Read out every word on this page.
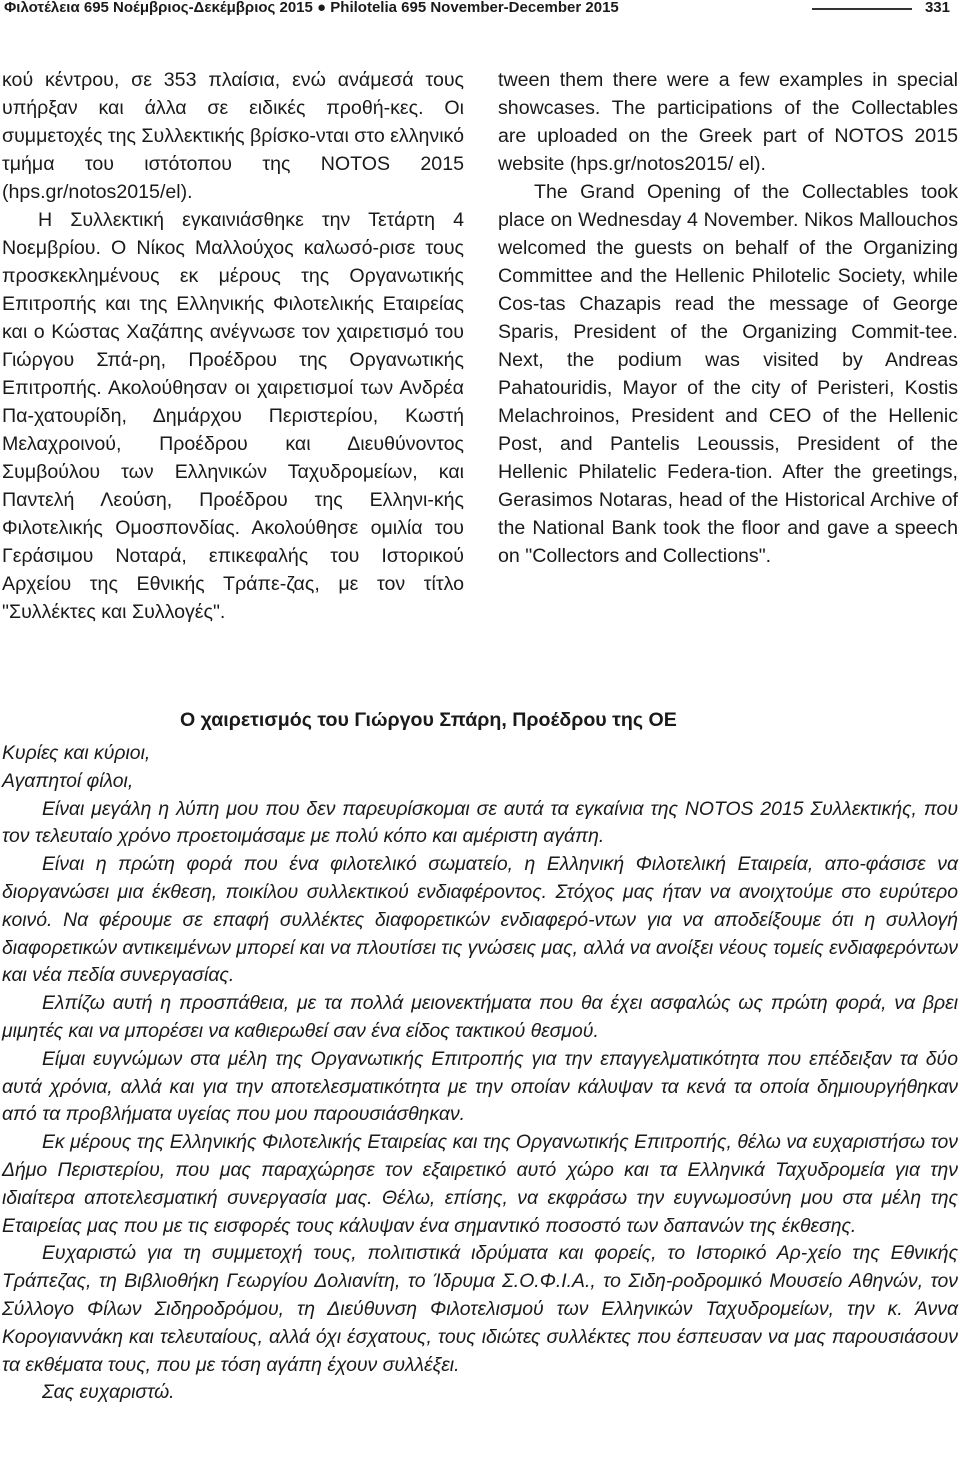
Φιλοτέλεια 695 Νοέμβριος-Δεκέμβριος 2015 ● Philotelia 695 November-December 2015	331

κού κέντρου, σε 353 πλαίσια, ενώ ανάμεσά τους υπήρξαν και άλλα σε ειδικές προθή-κες. Οι συμμετοχές της Συλλεκτικής βρίσκο-νται στο ελληνικό τμήμα του ιστότοπου της NOTOS 2015 (hps.gr/notos2015/el).

Η Συλλεκτική εγκαινιάσθηκε την Τετάρτη 4 Νοεμβρίου. Ο Νίκος Μαλλούχος καλωσό-ρισε τους προσκεκλημένους εκ μέρους της Οργανωτικής Επιτροπής και της Ελληνικής Φιλοτελικής Εταιρείας και ο Κώστας Χαζάπης ανέγνωσε τον χαιρετισμό του Γιώργου Σπά-ρη, Προέδρου της Οργανωτικής Επιτροπής. Ακολούθησαν οι χαιρετισμοί των Ανδρέα Πα-χατουρίδη, Δημάρχου Περιστερίου, Κωστή Μελαχροινού, Προέδρου και Διευθύνοντος Συμβούλου των Ελληνικών Ταχυδρομείων, και Παντελή Λεούση, Προέδρου της Ελληνι-κής Φιλοτελικής Ομοσπονδίας. Ακολούθησε ομιλία του Γεράσιμου Νοταρά, επικεφαλής του Ιστορικού Αρχείου της Εθνικής Τράπε-ζας, με τον τίτλο "Συλλέκτες και Συλλογές".

tween them there were a few examples in special showcases. The participations of the Collectables are uploaded on the Greek part of NOTOS 2015 website (hps.gr/notos2015/ el).

The Grand Opening of the Collectables took place on Wednesday 4 November. Nikos Mallouchos welcomed the guests on behalf of the Organizing Committee and the Hellenic Philotelic Society, while Cos-tas Chazapis read the message of George Sparis, President of the Organizing Commit-tee. Next, the podium was visited by Andreas Pahatouridis, Mayor of the city of Peristeri, Kostis Melachroinos, President and CEO of the Hellenic Post, and Pantelis Leoussis, President of the Hellenic Philatelic Federa-tion. After the greetings, Gerasimos Notaras, head of the Historical Archive of the National Bank took the floor and gave a speech on "Collectors and Collections".

Ο χαιρετισμός του Γιώργου Σπάρη, Προέδρου της ΟΕ

Κυρίες και κύριοι,

Αγαπητοί φίλοι,

Είναι μεγάλη η λύπη μου που δεν παρευρίσκομαι σε αυτά τα εγκαίνια της NOTOS 2015 Συλλεκτικής, που τον τελευταίο χρόνο προετοιμάσαμε με πολύ κόπο και αμέριστη αγάπη.

Είναι η πρώτη φορά που ένα φιλοτελικό σωματείο, η Ελληνική Φιλοτελική Εταιρεία, απο-φάσισε να διοργανώσει μια έκθεση, ποικίλου συλλεκτικού ενδιαφέροντος. Στόχος μας ήταν να ανοιχτούμε στο ευρύτερο κοινό. Να φέρουμε σε επαφή συλλέκτες διαφορετικών ενδιαφερό-ντων για να αποδείξουμε ότι η συλλογή διαφορετικών αντικειμένων μπορεί και να πλουτίσει τις γνώσεις μας, αλλά να ανοίξει νέους τομείς ενδιαφερόντων και νέα πεδία συνεργασίας.

Ελπίζω αυτή η προσπάθεια, με τα πολλά μειονεκτήματα που θα έχει ασφαλώς ως πρώτη φορά, να βρει μιμητές και να μπορέσει να καθιερωθεί σαν ένα είδος τακτικού θεσμού.

Είμαι ευγνώμων στα μέλη της Οργανωτικής Επιτροπής για την επαγγελματικότητα που επέδειξαν τα δύο αυτά χρόνια, αλλά και για την αποτελεσματικότητα με την οποίαν κάλυψαν τα κενά τα οποία δημιουργήθηκαν από τα προβλήματα υγείας που μου παρουσιάσθηκαν.

Εκ μέρους της Ελληνικής Φιλοτελικής Εταιρείας και της Οργανωτικής Επιτροπής, θέλω να ευχαριστήσω τον Δήμο Περιστερίου, που μας παραχώρησε τον εξαιρετικό αυτό χώρο και τα Ελληνικά Ταχυδρομεία για την ιδιαίτερα αποτελεσματική συνεργασία μας. Θέλω, επίσης, να εκφράσω την ευγνωμοσύνη μου στα μέλη της Εταιρείας μας που με τις εισφορές τους κάλυψαν ένα σημαντικό ποσοστό των δαπανών της έκθεσης.

Ευχαριστώ για τη συμμετοχή τους, πολιτιστικά ιδρύματα και φορείς, το Ιστορικό Αρ-χείο της Εθνικής Τράπεζας, τη Βιβλιοθήκη Γεωργίου Δολιανίτη, το Ίδρυμα Σ.Ο.Φ.Ι.Α., το Σιδη-ροδρομικό Μουσείο Αθηνών, τον Σύλλογο Φίλων Σιδηροδρόμου, τη Διεύθυνση Φιλοτελισμού των Ελληνικών Ταχυδρομείων, την κ. Άννα Κορογιαννάκη και τελευταίους, αλλά όχι έσχατους, τους ιδιώτες συλλέκτες που έσπευσαν να μας παρουσιάσουν τα εκθέματα τους, που με τόση αγάπη έχουν συλλέξει.

Σας ευχαριστώ.
